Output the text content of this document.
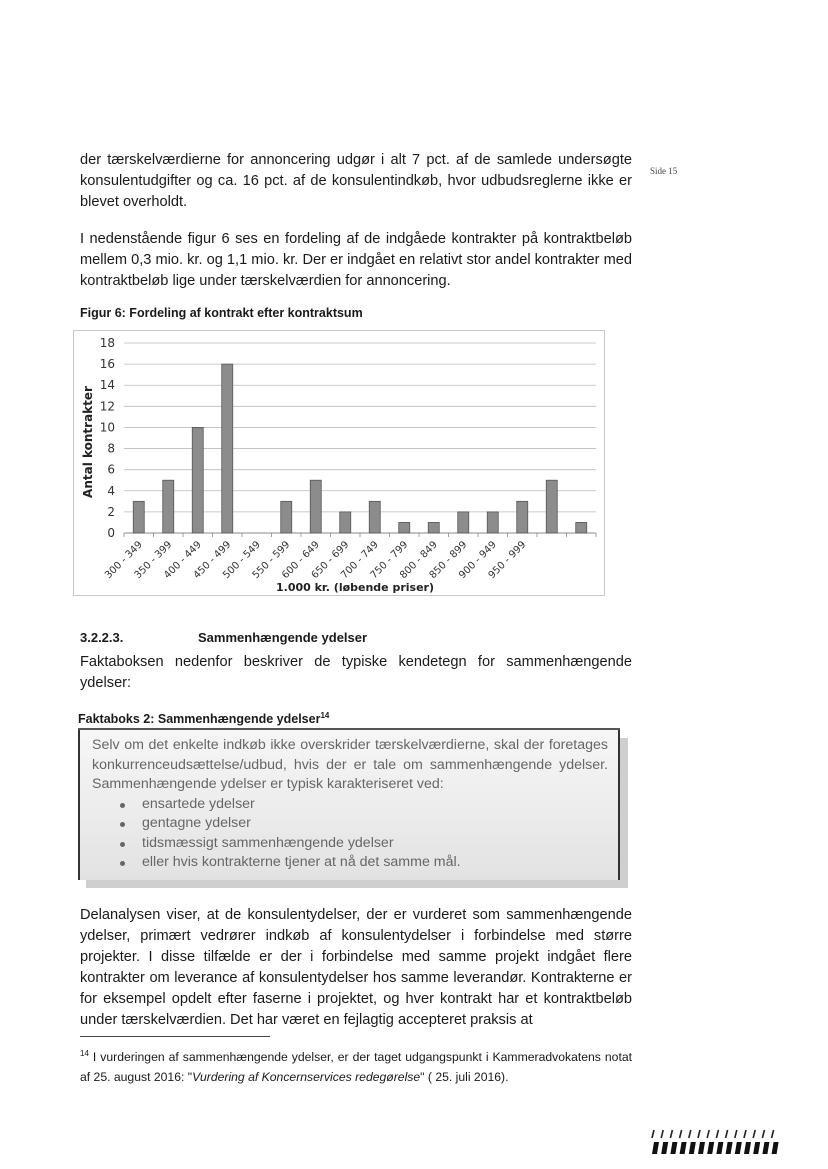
Side 15

der tærskelværdierne for annoncering udgør i alt 7 pct. af de samlede undersøgte konsulentudgifter og ca. 16 pct. af de konsulentindkøb, hvor udbudsreglerne ikke er blevet overholdt.

I nedenstående figur 6 ses en fordeling af de indgåede kontrakter på kontraktbeløb mellem 0,3 mio. kr. og 1,1 mio. kr. Der er indgået en relativt stor andel kontrakter med kontraktbeløb lige under tærskelværdien for annoncering.

Figur 6: Fordeling af kontrakt efter kontraktsum
0
2
4
6
8
10
12
14
16
18
300 - 349
350 - 399
400 - 449
450 - 499
500 - 549
550 - 599
600 - 649
650 - 699
700 - 749
750 - 799
800 - 849
850 - 899
900 - 949
950 - 999
1.000 kr. (løbende priser)
Antal kontrakter
3.2.2.3.	Sammenhængende ydelser

Faktaboksen nedenfor beskriver de typiske kendetegn for sammenhængende ydelser:

Faktaboks 2: Sammenhængende ydelser$^{14}$

Selv om det enkelte indkøb ikke overskrider tærskelværdierne, skal der foretages konkurrenceudsættelse/udbud, hvis der er tale om sammenhængende ydelser. Sammenhængende ydelser er typisk karakteriseret ved:

ensartede ydelser
gentagne ydelser
tidsmæssigt sammenhængende ydelser
eller hvis kontrakterne tjener at nå det samme mål.

Delanalysen viser, at de konsulentydelser, der er vurderet som sammenhængende ydelser, primært vedrører indkøb af konsulentydelser i forbindelse med større projekter. I disse tilfælde er der i forbindelse med samme projekt indgået flere kontrakter om leverance af konsulentydelser hos samme leverandør. Kontrakterne er for eksempel opdelt efter faserne i projektet, og hver kontrakt har et kontraktbeløb under tærskelværdien. Det har været en fejlagtig accepteret praksis at

$^{14}$ I vurderingen af sammenhængende ydelser, er der taget udgangspunkt i Kammeradvokatens notat af 25. august 2016: "Vurdering af Koncernservices redegørelse" ( 25. juli 2016).
